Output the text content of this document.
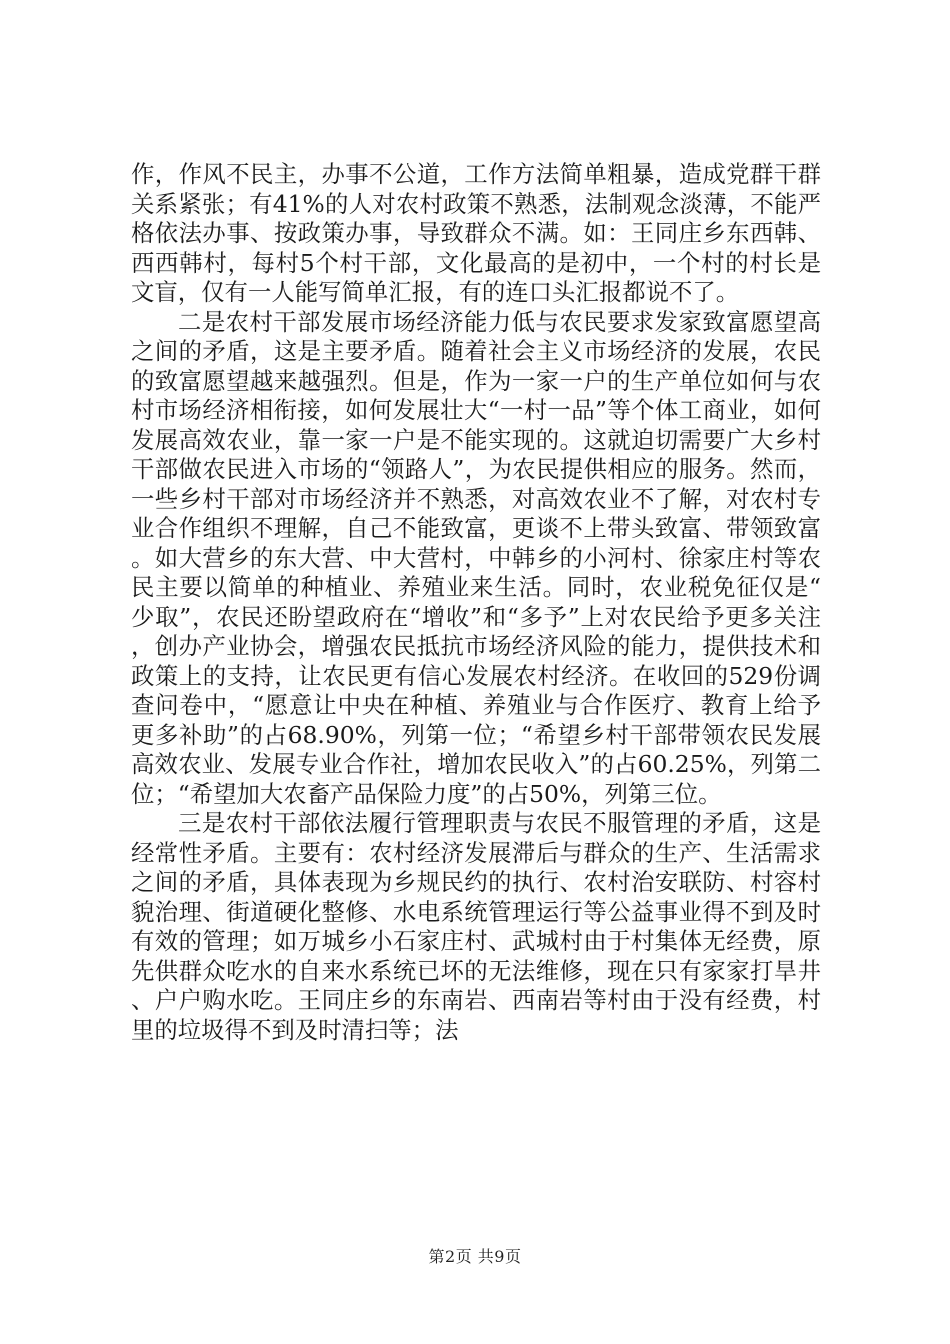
作，作风不民主，办事不公道，工作方法简单粗暴，造成党群干群关系紧张；有41%的人对农村政策不熟悉，法制观念淡薄，不能严格依法办事、按政策办事，导致群众不满。如：王同庄乡东西韩、西西韩村，每村5个村干部，文化最高的是初中，一个村的村长是文盲，仅有一人能写简单汇报，有的连口头汇报都说不了。

二是农村干部发展市场经济能力低与农民要求发家致富愿望高之间的矛盾，这是主要矛盾。随着社会主义市场经济的发展，农民的致富愿望越来越强烈。但是，作为一家一户的生产单位如何与农村市场经济相衔接，如何发展壮大“一村一品”等个体工商业，如何发展高效农业，靠一家一户是不能实现的。这就迫切需要广大乡村干部做农民进入市场的“领路人”，为农民提供相应的服务。然而，一些乡村干部对市场经济并不熟悉，对高效农业不了解，对农村专业合作组织不理解，自己不能致富，更谈不上带头致富、带领致富。如大营乡的东大营、中大营村，中韩乡的小河村、徐家庄村等农民主要以简单的种植业、养殖业来生活。同时，农业税免征仅是“少取”，农民还盼望政府在“增收”和“多予”上对农民给予更多关注，创办产业协会，增强农民抵抗市场经济风险的能力，提供技术和政策上的支持，让农民更有信心发展农村经济。在收回的529份调查问卷中，“愿意让中央在种植、养殖业与合作医疗、教育上给予更多补助”的占68.90%，列第一位；“希望乡村干部带领农民发展高效农业、发展专业合作社，增加农民收入”的占60.25%，列第二位；“希望加大农畜产品保险力度”的占50%，列第三位。

三是农村干部依法履行管理职责与农民不服管理的矛盾，这是经常性矛盾。主要有：农村经济发展滞后与群众的生产、生活需求之间的矛盾，具体表现为乡规民约的执行、农村治安联防、村容村貌治理、街道硬化整修、水电系统管理运行等公益事业得不到及时有效的管理；如万城乡小石家庄村、武城村由于村集体无经费，原先供群众吃水的自来水系统已坏的无法维修，现在只有家家打旱井、户户购水吃。王同庄乡的东南岩、西南岩等村由于没有经费，村里的垃圾得不到及时清扫等；法

第2页 共9页
